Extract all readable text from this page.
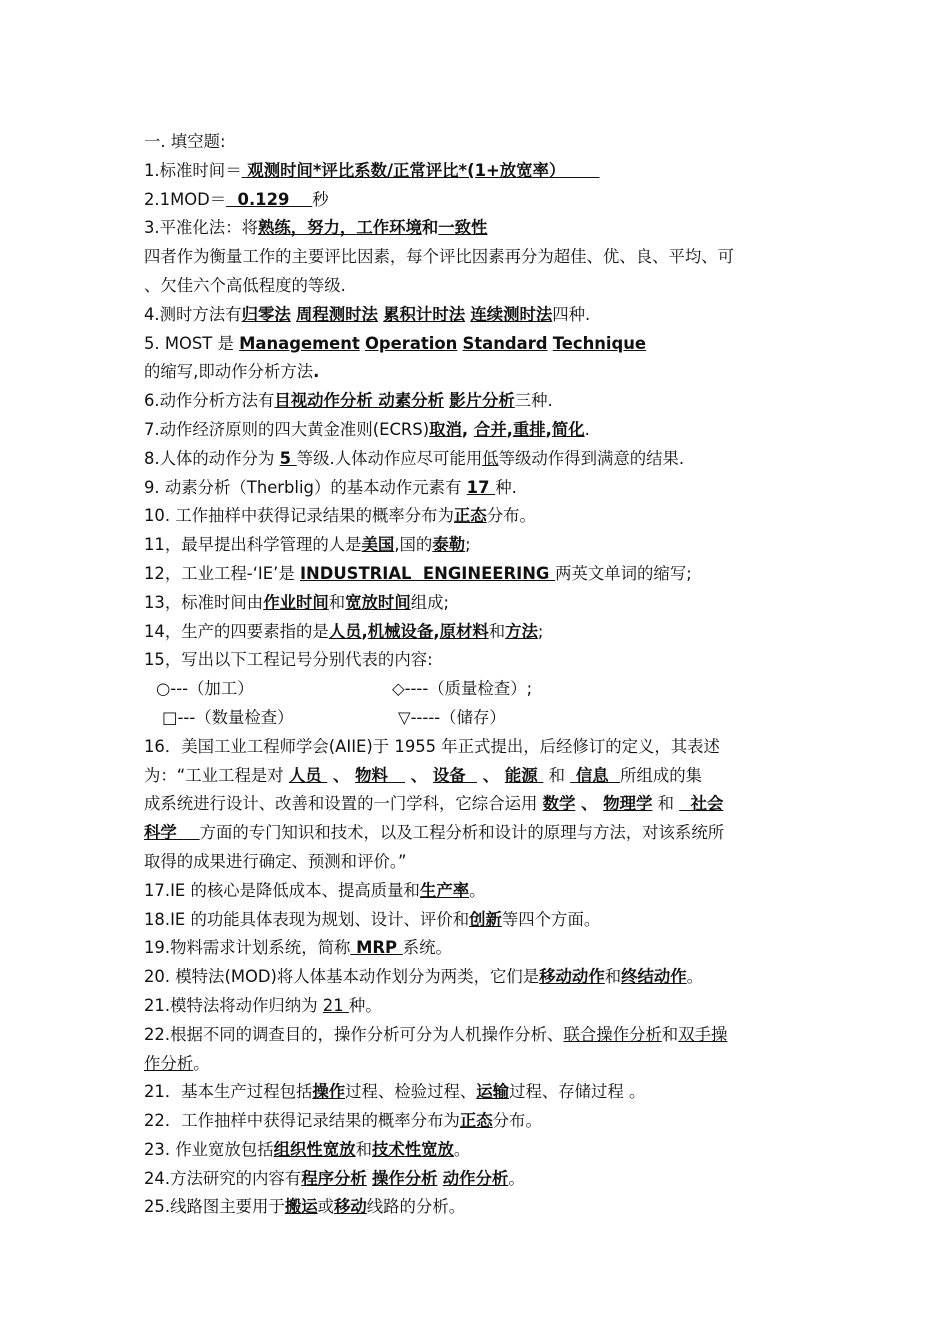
一. 填空题:
1.标准时间＝ 观测时间*评比系数/正常评比*(1+放宽率）
2.1MOD＝  0.129    秒
3.平准化法：将熟练，努力，工作环境和一致性
四者作为衡量工作的主要评比因素，每个评比因素再分为超佳、优、良、平均、可
、欠佳六个高低程度的等级.
4.测时方法有归零法 周程测时法 累积计时法 连续测时法四种.
5. MOST 是 Management Operation Standard Technique
的缩写,即动作分析方法.
6.动作分析方法有目视动作分析 动素分析 影片分析三种.
7.动作经济原则的四大黄金准则(ECRS)取消, 合并,重排,简化.
8.人体的动作分为 5 等级.人体动作应尽可能用低等级动作得到满意的结果.
9. 动素分析（Therblig）的基本动作元素有 17 种.
10. 工作抽样中获得记录结果的概率分布为正态分布。
11，最早提出科学管理的人是美国,国的泰勒;
12，工业工程-‘IE’是 INDUSTRIAL  ENGINEERING 两英文单词的缩写;
13，标准时间由作业时间和宽放时间组成;
14，生产的四要素指的是人员,机械设备,原材料和方法;
15，写出以下工程记号分别代表的内容:
○---（加工）	◇----（质量检查）;
□---（数量检查）	▽-----（储存）
16．美国工业工程师学会(AIIE)于 1955 年正式提出，后经修订的定义，其表述
为：“工业工程是对 人员  、 物料    、 设备   、 能源  和  信息  所组成的集
成系统进行设计、改善和设置的一门学科，它综合运用 数学 、 物理学 和   社会
科学    方面的专门知识和技术，以及工程分析和设计的原理与方法，对该系统所
取得的成果进行确定、预测和评价。”
17.IE 的核心是降低成本、提高质量和生产率。
18.IE 的功能具体表现为规划、设计、评价和创新等四个方面。
19.物料需求计划系统，简称 MRP 系统。
20. 模特法(MOD)将人体基本动作划分为两类，它们是移动动作和终结动作。
21.模特法将动作归纳为 21 种。
22.根据不同的调查目的，操作分析可分为人机操作分析、联合操作分析和双手操
作分析。
21．基本生产过程包括操作过程、检验过程、运输过程、存储过程 。
22．工作抽样中获得记录结果的概率分布为正态分布。
23. 作业宽放包括组织性宽放和技术性宽放。
24.方法研究的内容有程序分析 操作分析 动作分析。
25.线路图主要用于搬运或移动线路的分析。
